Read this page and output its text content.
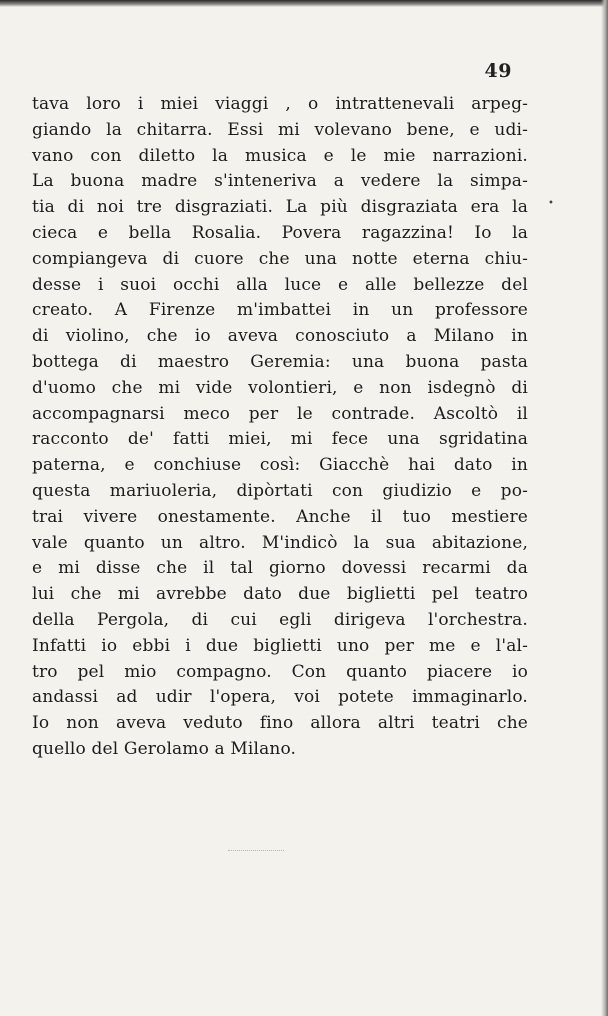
49
•

tava loro i miei viaggi , o intrattenevali arpeg-
giando la chitarra. Essi mi volevano bene, e udi-
vano con diletto la musica e le mie narrazioni.
La buona madre s'inteneriva a vedere la simpa-
tia di noi tre disgraziati. La più disgraziata era la
cieca e bella Rosalia. Povera ragazzina! Io la
compiangeva di cuore che una notte eterna chiu-
desse i suoi occhi alla luce e alle bellezze del
creato. A Firenze m'imbattei in un professore
di violino, che io aveva conosciuto a Milano in
bottega di maestro Geremia: una buona pasta
d'uomo che mi vide volontieri, e non isdegnò di
accompagnarsi meco per le contrade. Ascoltò il
racconto de' fatti miei, mi fece una sgridatina
paterna, e conchiuse così: Giacchè hai dato in
questa mariuoleria, dipòrtati con giudizio e po-
trai vivere onestamente. Anche il tuo mestiere
vale quanto un altro. M'indicò la sua abitazione,
e mi disse che il tal giorno dovessi recarmi da
lui che mi avrebbe dato due biglietti pel teatro
della Pergola, di cui egli dirigeva l'orchestra.
Infatti io ebbi i due biglietti uno per me e l'al-
tro pel mio compagno. Con quanto piacere io
andassi ad udir l'opera, voi potete immaginarlo.
Io non aveva veduto fino allora altri teatri che
quello del Gerolamo a Milano.
